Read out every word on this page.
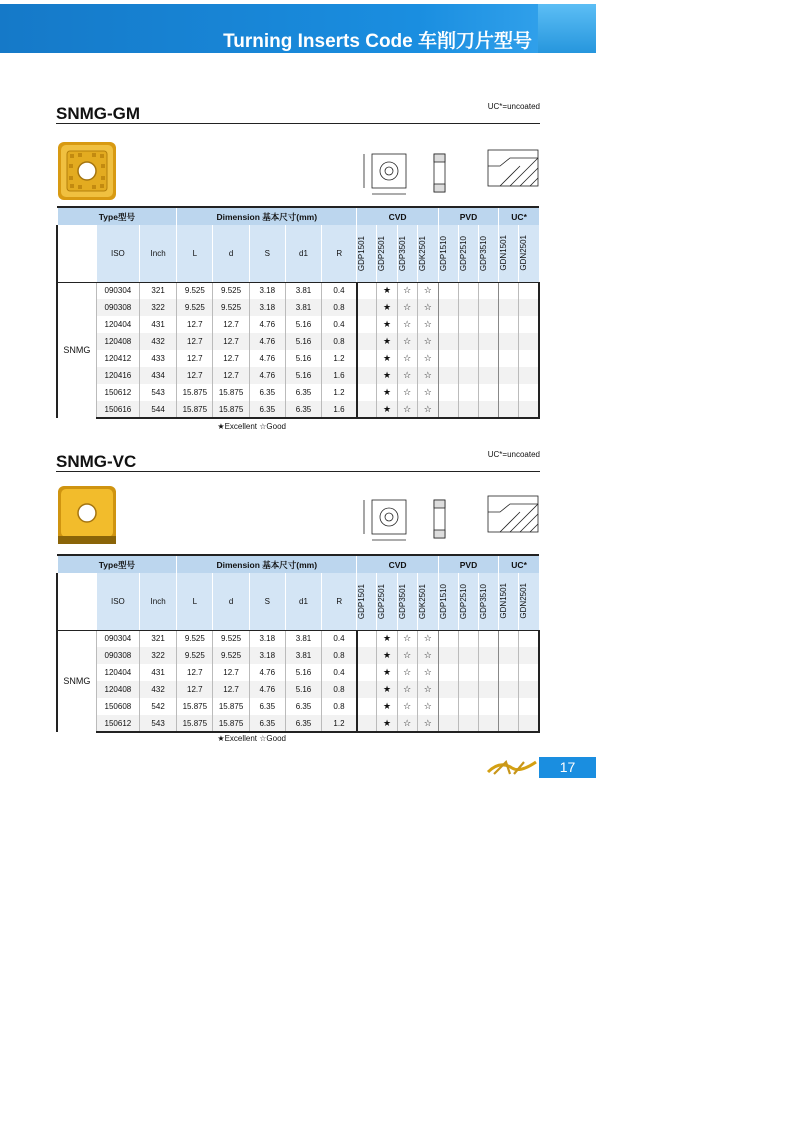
Turning Inserts Code 车削刀片型号
SNMG-GM	UC*=uncoated
Type型号			Dimension 基本尺寸(mm)					CVD				PVD			UC*	
	ISO	Inch	L	d	S	d1	R	GDP1501	GDP2501	GDP3501	GDK2501	GDP1510	GDP2510	GDP3510	GDN1501	GDN2501

SNMG	090304	321	9.525	9.525	3.18	3.81	0.4		★	☆	☆					
	090308	322	9.525	9.525	3.18	3.81	0.8		★	☆	☆					
	120404	431	12.7	12.7	4.76	5.16	0.4		★	☆	☆					
	120408	432	12.7	12.7	4.76	5.16	0.8		★	☆	☆					
	120412	433	12.7	12.7	4.76	5.16	1.2		★	☆	☆					
	120416	434	12.7	12.7	4.76	5.16	1.6		★	☆	☆					
	150612	543	15.875	15.875	6.35	6.35	1.2		★	☆	☆					
	150616	544	15.875	15.875	6.35	6.35	1.6		★	☆	☆					
★Excellent ☆Good
SNMG-VC	UC*=uncoated
Type型号			Dimension 基本尺寸(mm)					CVD				PVD			UC*	
	ISO	Inch	L	d	S	d1	R	GDP1501	GDP2501	GDP3501	GDK2501	GDP1510	GDP2510	GDP3510	GDN1501	GDN2501

SNMG	090304	321	9.525	9.525	3.18	3.81	0.4		★	☆	☆					
	090308	322	9.525	9.525	3.18	3.81	0.8		★	☆	☆					
	120404	431	12.7	12.7	4.76	5.16	0.4		★	☆	☆					
	120408	432	12.7	12.7	4.76	5.16	0.8		★	☆	☆					
	150608	542	15.875	15.875	6.35	6.35	0.8		★	☆	☆					
	150612	543	15.875	15.875	6.35	6.35	1.2		★	☆	☆					
★Excellent ☆Good
17
